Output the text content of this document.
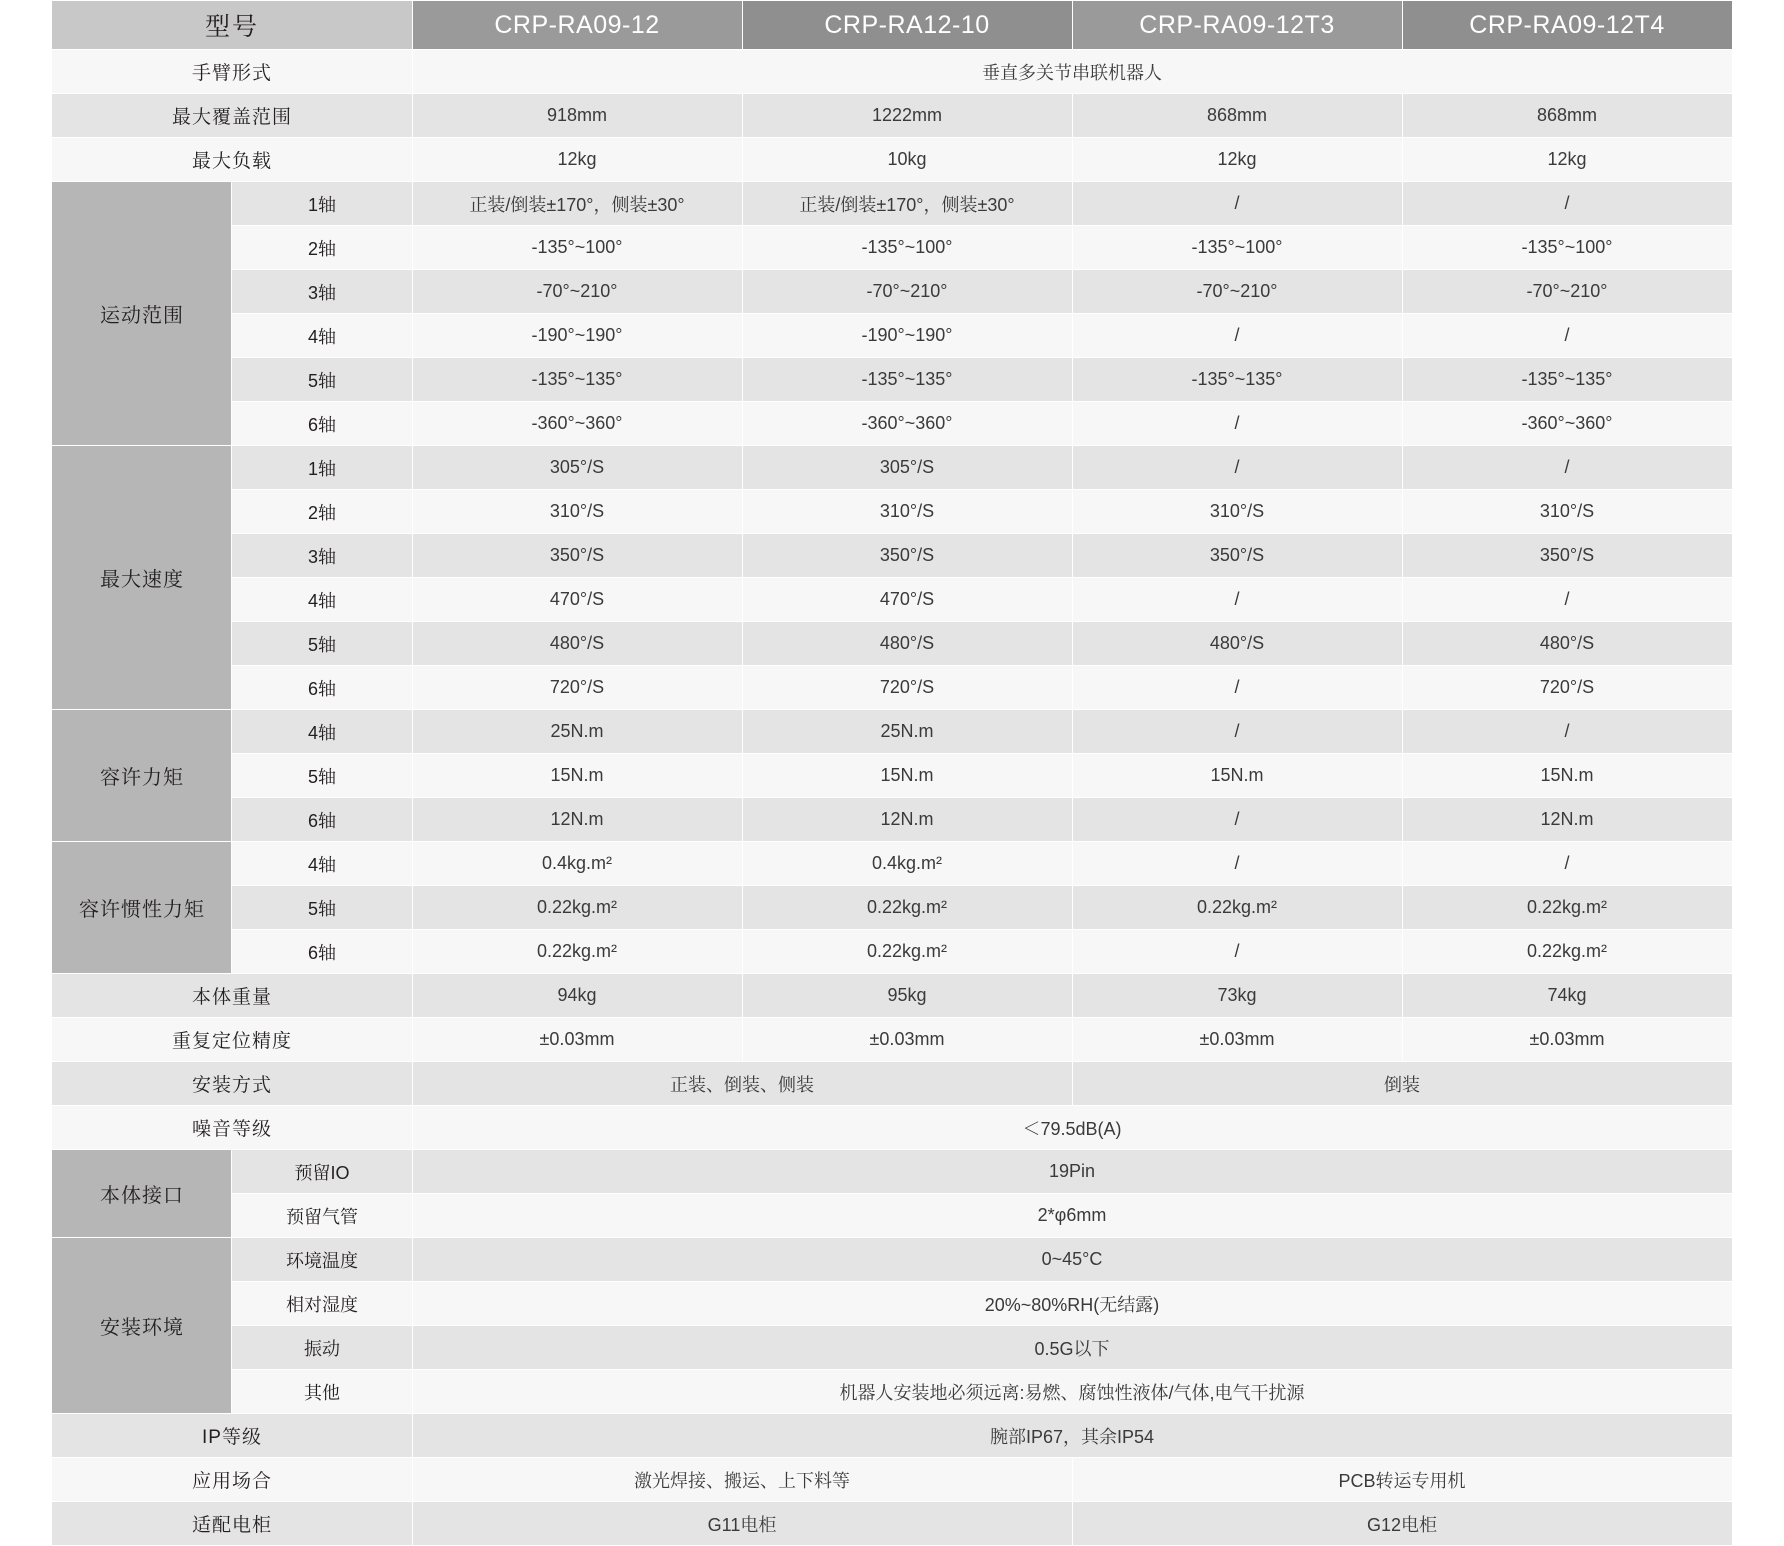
型号		CRP-RA09-12	CRP-RA12-10	CRP-RA09-12T3	CRP-RA09-12T4
手臂形式		垂直多关节串联机器人			
最大覆盖范围		918mm	1222mm	868mm	868mm
最大负载		12kg	10kg	12kg	12kg
运动范围	1轴	正装/倒装±170°，侧装±30°	正装/倒装±170°，侧装±30°	/	/
	2轴	-135°~100°	-135°~100°	-135°~100°	-135°~100°
	3轴	-70°~210°	-70°~210°	-70°~210°	-70°~210°
	4轴	-190°~190°	-190°~190°	/	/
	5轴	-135°~135°	-135°~135°	-135°~135°	-135°~135°
	6轴	-360°~360°	-360°~360°	/	-360°~360°
最大速度	1轴	305°/S	305°/S	/	/
	2轴	310°/S	310°/S	310°/S	310°/S
	3轴	350°/S	350°/S	350°/S	350°/S
	4轴	470°/S	470°/S	/	/
	5轴	480°/S	480°/S	480°/S	480°/S
	6轴	720°/S	720°/S	/	720°/S
容许力矩	4轴	25N.m	25N.m	/	/
	5轴	15N.m	15N.m	15N.m	15N.m
	6轴	12N.m	12N.m	/	12N.m
容许惯性力矩	4轴	0.4kg.m²	0.4kg.m²	/	/
	5轴	0.22kg.m²	0.22kg.m²	0.22kg.m²	0.22kg.m²
	6轴	0.22kg.m²	0.22kg.m²	/	0.22kg.m²
本体重量		94kg	95kg	73kg	74kg
重复定位精度		±0.03mm	±0.03mm	±0.03mm	±0.03mm
安装方式		正装、倒装、侧装		倒装	
噪音等级		＜79.5dB(A)			
本体接口	预留IO	19Pin			
	预留气管	2*φ6mm			
安装环境	环境温度	0~45°C			
	相对湿度	20%~80%RH(无结露)			
	振动	0.5G以下			
	其他	机器人安装地必须远离:易燃、腐蚀性液体/气体,电气干扰源			
IP等级		腕部IP67，其余IP54			
应用场合		激光焊接、搬运、上下料等		PCB转运专用机	
适配电柜		G11电柜		G12电柜	
